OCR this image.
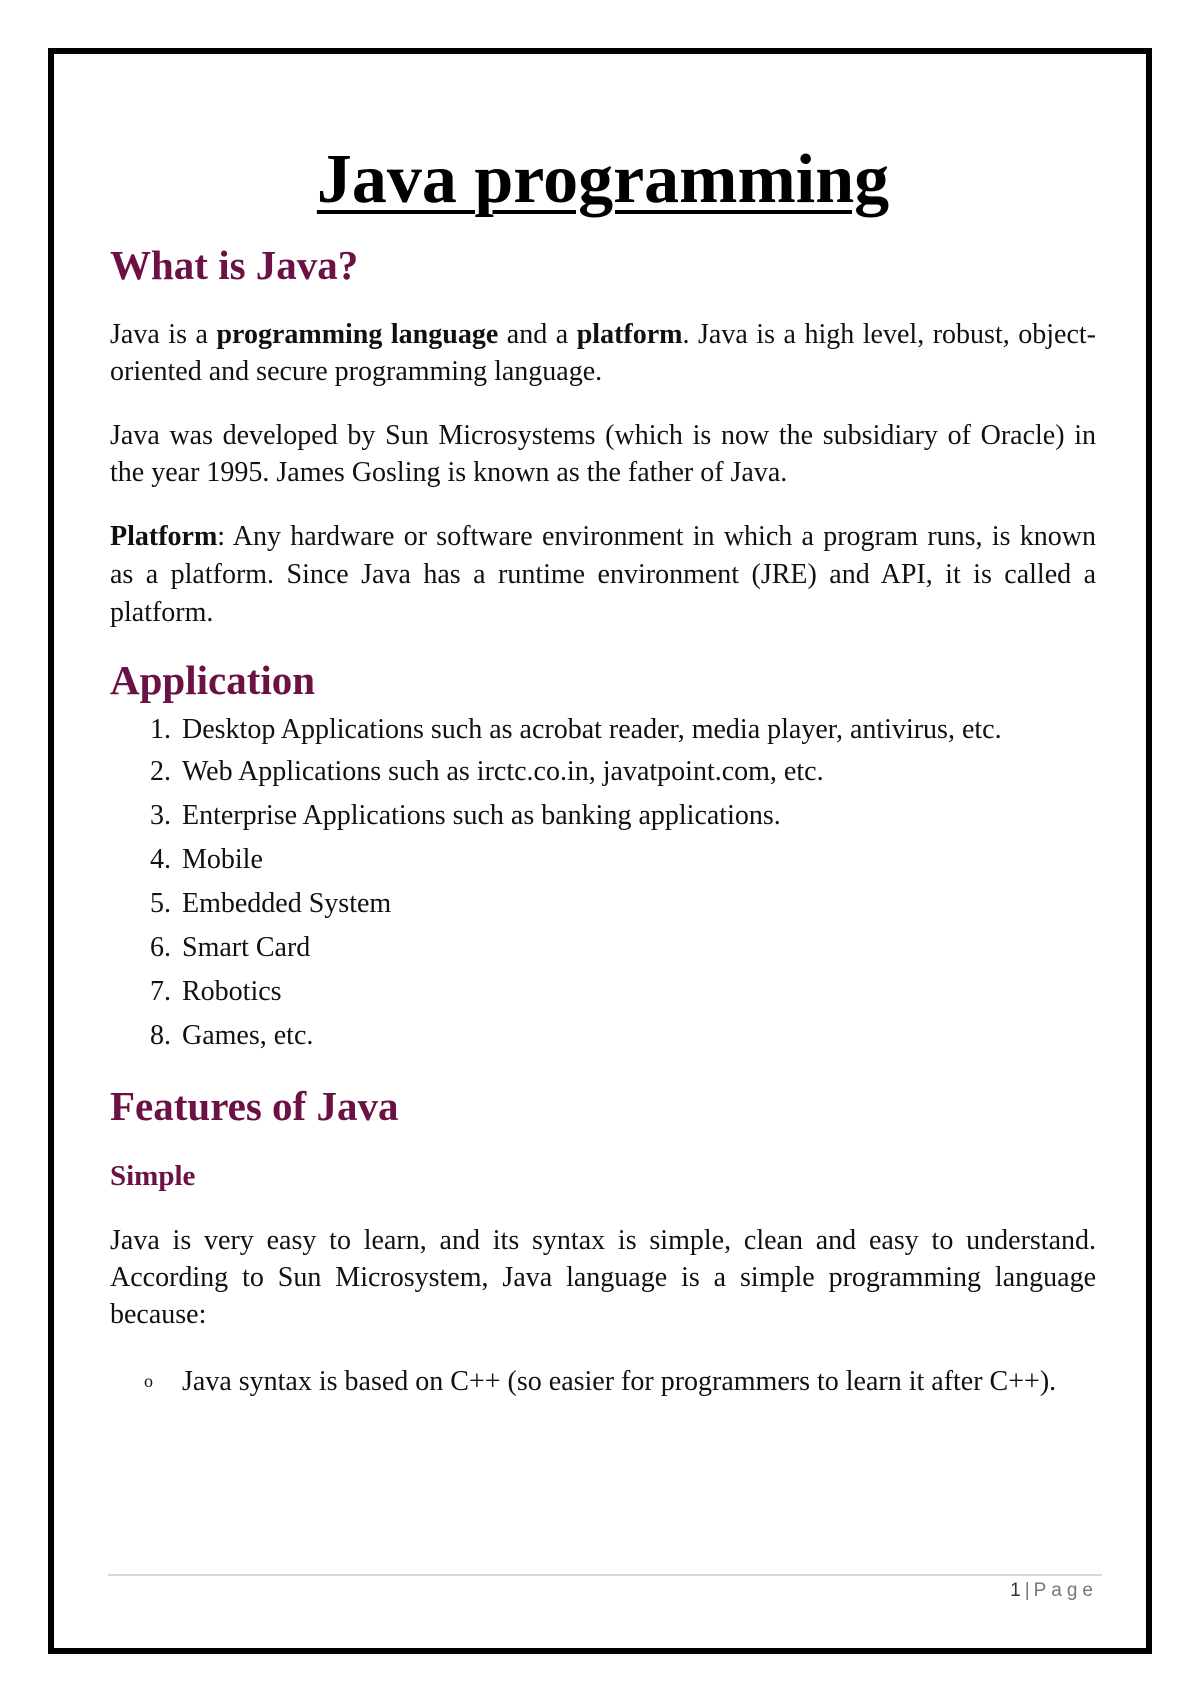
Java programming
What is Java?

Java is a programming language and a platform. Java is a high level, robust, object-oriented and secure programming language.

Java was developed by Sun Microsystems (which is now the subsidiary of Oracle) in the year 1995. James Gosling is known as the father of Java.

Platform: Any hardware or software environment in which a program runs, is known as a platform. Since Java has a runtime environment (JRE) and API, it is called a platform.

Application
1. Desktop Applications such as acrobat reader, media player, antivirus, etc.
2. Web Applications such as irctc.co.in, javatpoint.com, etc.
3. Enterprise Applications such as banking applications.
4. Mobile
5. Embedded System
6. Smart Card
7. Robotics
8. Games, etc.
Features of Java
Simple

Java is very easy to learn, and its syntax is simple, clean and easy to understand. According to Sun Microsystem, Java language is a simple programming language because:

o	Java syntax is based on C++ (so easier for programmers to learn it after C++).
1 | Page
